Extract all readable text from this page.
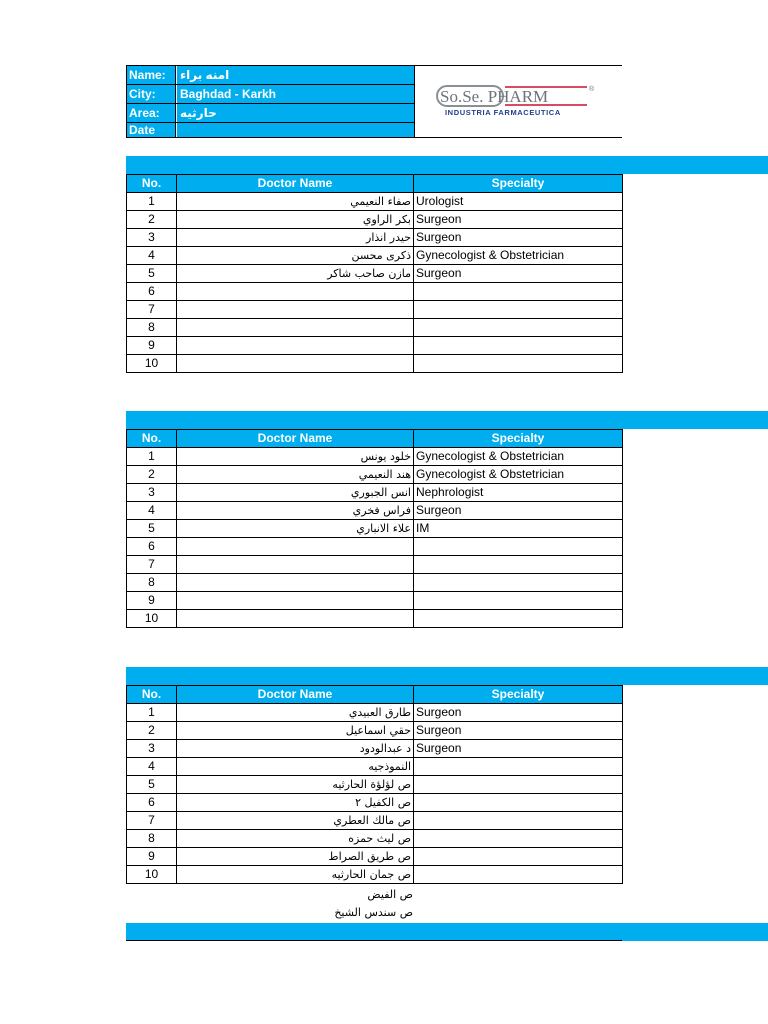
Name:	امنه براء
City:	Baghdad - Karkh
Area:	حارثيه
Date
So.Se. PHARM	®
INDUSTRIA FARMACEUTICA
No.	Doctor Name	Specialty
1	صفاء النعيمي	Urologist
2	بكر الراوي	Surgeon
3	حيدر انذار	Surgeon
4	ذكرى محسن	Gynecologist & Obstetrician
5	مازن صاحب شاكر	Surgeon
6		
7		
8		
9		
10		
No.	Doctor Name	Specialty
1	خلود يونس	Gynecologist & Obstetrician
2	هند النعيمي	Gynecologist & Obstetrician
3	انس الجبوري	Nephrologist
4	فراس فخري	Surgeon
5	علاء الانباري	IM
6		
7		
8		
9		
10		
No.	Doctor Name	Specialty
1	طارق العبيدي	Surgeon
2	حقي اسماعيل	Surgeon
3	د عبدالودود	Surgeon
4	النموذجيه	
5	ص لؤلؤة الحارثيه	
6	ص الكفيل ٢	
7	ص مالك العطري	
8	ص ليث حمزه	
9	ص طريق الصراط	
10	ص جمان الحارثيه	
ص الفيض
ص سندس الشيخ
